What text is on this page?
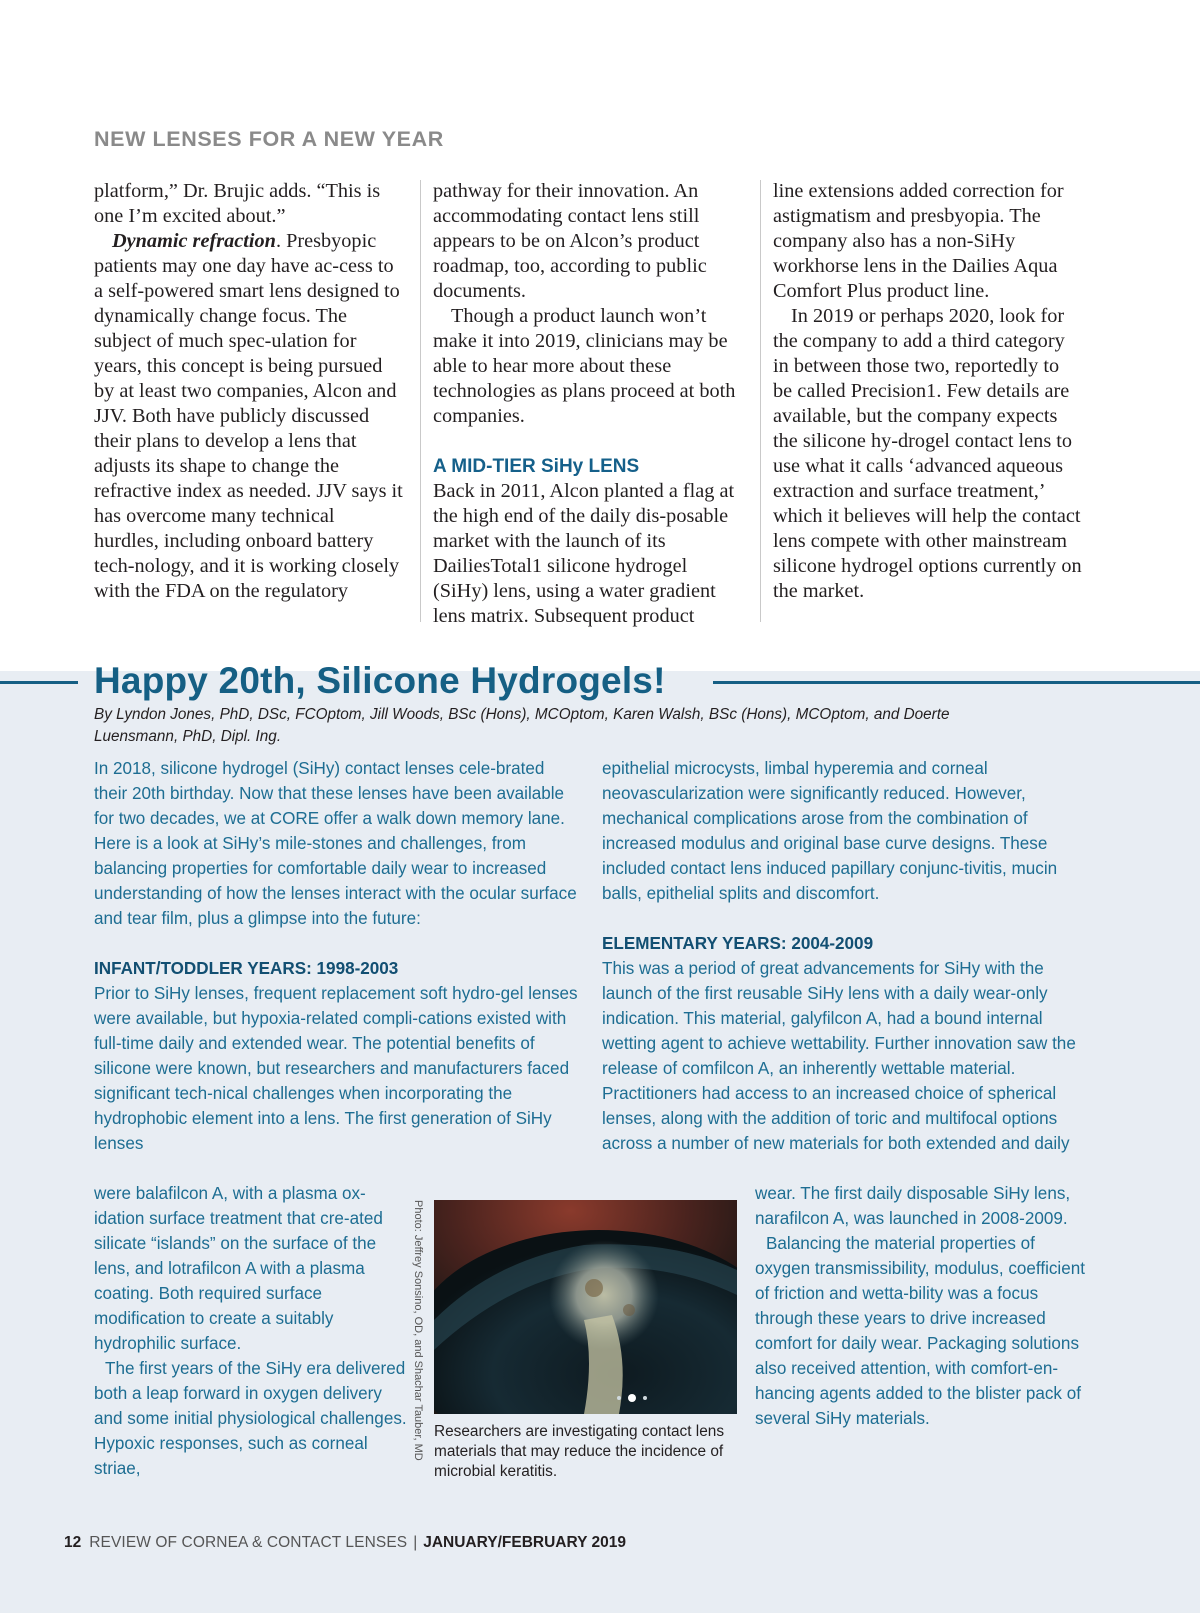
NEW LENSES FOR A NEW YEAR

platform,” Dr. Brujic adds. “This is one I’m excited about.”

Dynamic refraction. Presbyopic patients may one day have ac-cess to a self-powered smart lens designed to dynamically change focus. The subject of much spec-ulation for years, this concept is being pursued by at least two companies, Alcon and JJV. Both have publicly discussed their plans to develop a lens that adjusts its shape to change the refractive index as needed. JJV says it has overcome many technical hurdles, including onboard battery tech-nology, and it is working closely with the FDA on the regulatory

pathway for their innovation. An accommodating contact lens still appears to be on Alcon’s product roadmap, too, according to public documents.

Though a product launch won’t make it into 2019, clinicians may be able to hear more about these technologies as plans proceed at both companies.

A MID-TIER SiHy LENS

Back in 2011, Alcon planted a flag at the high end of the daily dis-posable market with the launch of its DailiesTotal1 silicone hydrogel (SiHy) lens, using a water gradient lens matrix. Subsequent product

line extensions added correction for astigmatism and presbyopia. The company also has a non-SiHy workhorse lens in the Dailies Aqua Comfort Plus product line.

In 2019 or perhaps 2020, look for the company to add a third category in between those two, reportedly to be called Precision1. Few details are available, but the company expects the silicone hy-drogel contact lens to use what it calls ‘advanced aqueous extraction and surface treatment,’ which it believes will help the contact lens compete with other mainstream silicone hydrogel options currently on the market.

Happy 20th, Silicone Hydrogels!
By Lyndon Jones, PhD, DSc, FCOptom, Jill Woods, BSc (Hons), MCOptom, Karen Walsh, BSc (Hons), MCOptom, and Doerte Luensmann, PhD, Dipl. Ing.

In 2018, silicone hydrogel (SiHy) contact lenses cele-brated their 20th birthday. Now that these lenses have been available for two decades, we at CORE offer a walk down memory lane. Here is a look at SiHy’s mile-stones and challenges, from balancing properties for comfortable daily wear to increased understanding of how the lenses interact with the ocular surface and tear film, plus a glimpse into the future:

INFANT/TODDLER YEARS: 1998-2003

Prior to SiHy lenses, frequent replacement soft hydro-gel lenses were available, but hypoxia-related compli-cations existed with full-time daily and extended wear. The potential benefits of silicone were known, but researchers and manufacturers faced significant tech-nical challenges when incorporating the hydrophobic element into a lens. The first generation of SiHy lenses

were balafilcon A, with a plasma ox-idation surface treatment that cre-ated silicate “islands” on the surface of the lens, and lotrafilcon A with a plasma coating. Both required surface modification to create a suitably hydrophilic surface.

The first years of the SiHy era delivered both a leap forward in oxygen delivery and some initial physiological challenges. Hypoxic responses, such as corneal striae,

epithelial microcysts, limbal hyperemia and corneal neovascularization were significantly reduced. However, mechanical complications arose from the combination of increased modulus and original base curve designs. These included contact lens induced papillary conjunc-tivitis, mucin balls, epithelial splits and discomfort.

ELEMENTARY YEARS: 2004-2009

This was a period of great advancements for SiHy with the launch of the first reusable SiHy lens with a daily wear-only indication. This material, galyfilcon A, had a bound internal wetting agent to achieve wettability. Further innovation saw the release of comfilcon A, an inherently wettable material. Practitioners had access to an increased choice of spherical lenses, along with the addition of toric and multifocal options across a number of new materials for both extended and daily

wear. The first daily disposable SiHy lens, narafilcon A, was launched in 2008-2009.

Balancing the material properties of oxygen transmissibility, modulus, coefficient of friction and wetta-bility was a focus through these years to drive increased comfort for daily wear. Packaging solutions also received attention, with comfort-en-hancing agents added to the blister pack of several SiHy materials.

Photo: Jeffrey Sonsino, OD, and Shachar Tauber, MD Researchers are investigating contact lens materials that may reduce the incidence of microbial keratitis.
12 REVIEW OF CORNEA & CONTACT LENSES | JANUARY/FEBRUARY 2019
